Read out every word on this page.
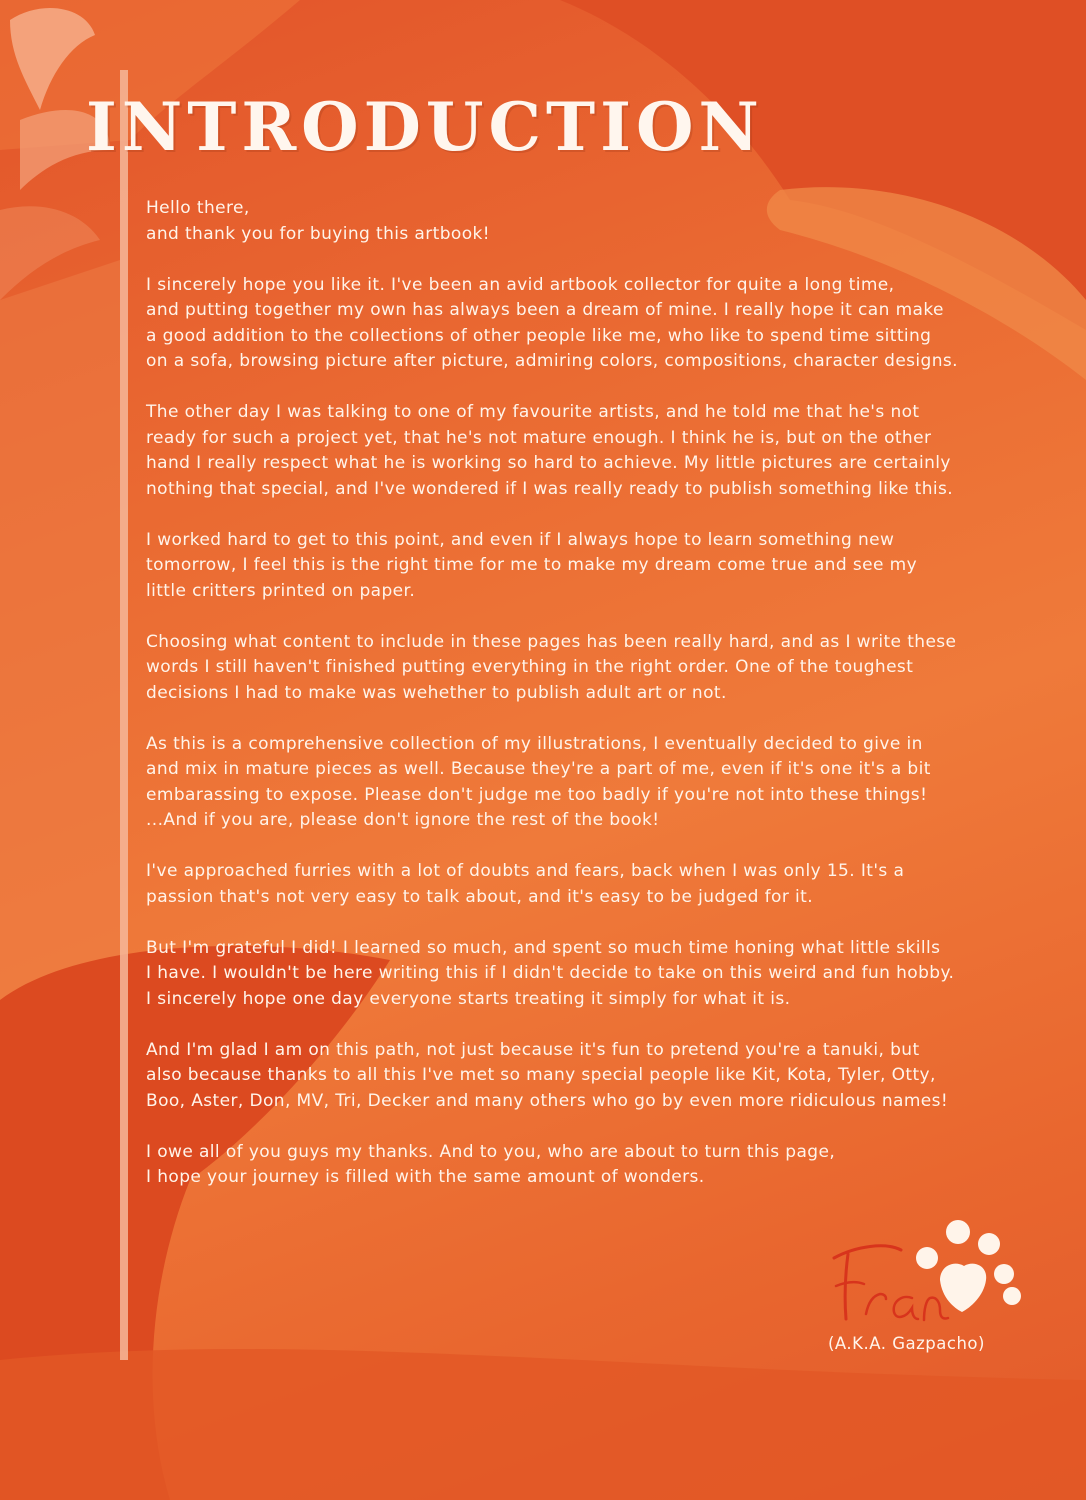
INTRODUCTION

Hello there,
and thank you for buying this artbook!

I sincerely hope you like it. I've been an avid artbook collector for quite a long time,
and putting together my own has always been a dream of mine. I really hope it can make
a good addition to the collections of other people like me, who like to spend time sitting
on a sofa, browsing picture after picture, admiring colors, compositions, character designs.

The other day I was talking to one of my favourite artists, and he told me that he's not
ready for such a project yet, that he's not mature enough. I think he is, but on the other
hand I really respect what he is working so hard to achieve. My little pictures are certainly
nothing that special, and I've wondered if I was really ready to publish something like this.

I worked hard to get to this point, and even if I always hope to learn something new
tomorrow, I feel this is the right time for me to make my dream come true and see my
little critters printed on paper.

Choosing what content to include in these pages has been really hard, and as I write these
words I still haven't finished putting everything in the right order. One of the toughest
decisions I had to make was wehether to publish adult art or not.

As this is a comprehensive collection of my illustrations, I eventually decided to give in
and mix in mature pieces as well. Because they're a part of me, even if it's one it's a bit
embarassing to expose. Please don't judge me too badly if you're not into these things!
...And if you are, please don't ignore the rest of the book!

I've approached furries with a lot of doubts and fears, back when I was only 15. It's a
passion that's not very easy to talk about, and it's easy to be judged for it.

But I'm grateful I did! I learned so much, and spent so much time honing what little skills
I have. I wouldn't be here writing this if I didn't decide to take on this weird and fun hobby.
I sincerely hope one day everyone starts treating it simply for what it is.

And I'm glad I am on this path, not just because it's fun to pretend you're a tanuki, but
also because thanks to all this I've met so many special people like Kit, Kota, Tyler, Otty,
Boo, Aster, Don, MV, Tri, Decker and many others who go by even more ridiculous names!

I owe all of you guys my thanks. And to you, who are about to turn this page,
I hope your journey is filled with the same amount of wonders.

(A.K.A. Gazpacho)
